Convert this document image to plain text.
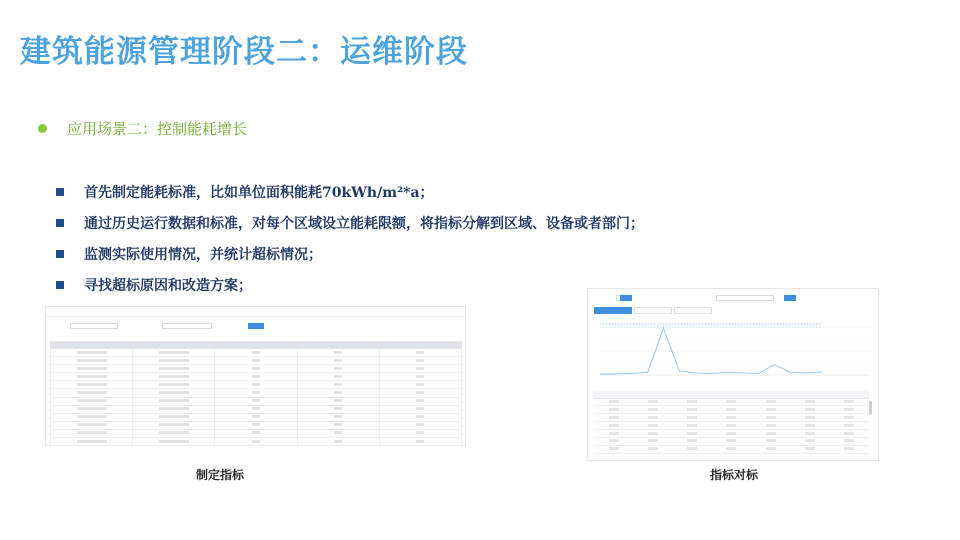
建筑能源管理阶段二：运维阶段
应用场景二：控制能耗增长
首先制定能耗标准，比如单位面积能耗70kWh/m²*a；
通过历史运行数据和标准，对每个区域设立能耗限额，将指标分解到区域、设备或者部门；
监测实际使用情况，并统计超标情况；
寻找超标原因和改造方案；

制定指标	指标对标
